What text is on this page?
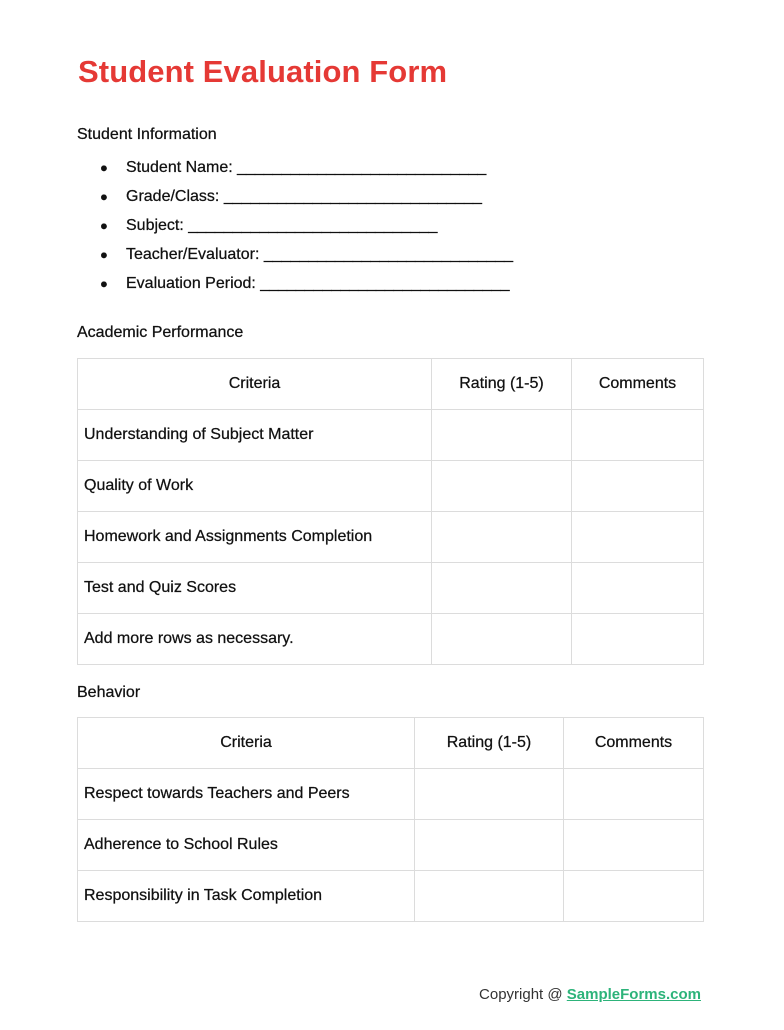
Student Evaluation Form
Student Information
●	Student Name: ____________________________
●	Grade/Class: _____________________________
●	Subject: ____________________________
●	Teacher/Evaluator: ____________________________
●	Evaluation Period: ____________________________
Academic Performance
Criteria	Rating (1-5)	Comments
Understanding of Subject Matter		
Quality of Work		
Homework and Assignments Completion		
Test and Quiz Scores		
Add more rows as necessary.		
Behavior
Criteria	Rating (1-5)	Comments
Respect towards Teachers and Peers		
Adherence to School Rules		
Responsibility in Task Completion		
Copyright @ SampleForms.com
